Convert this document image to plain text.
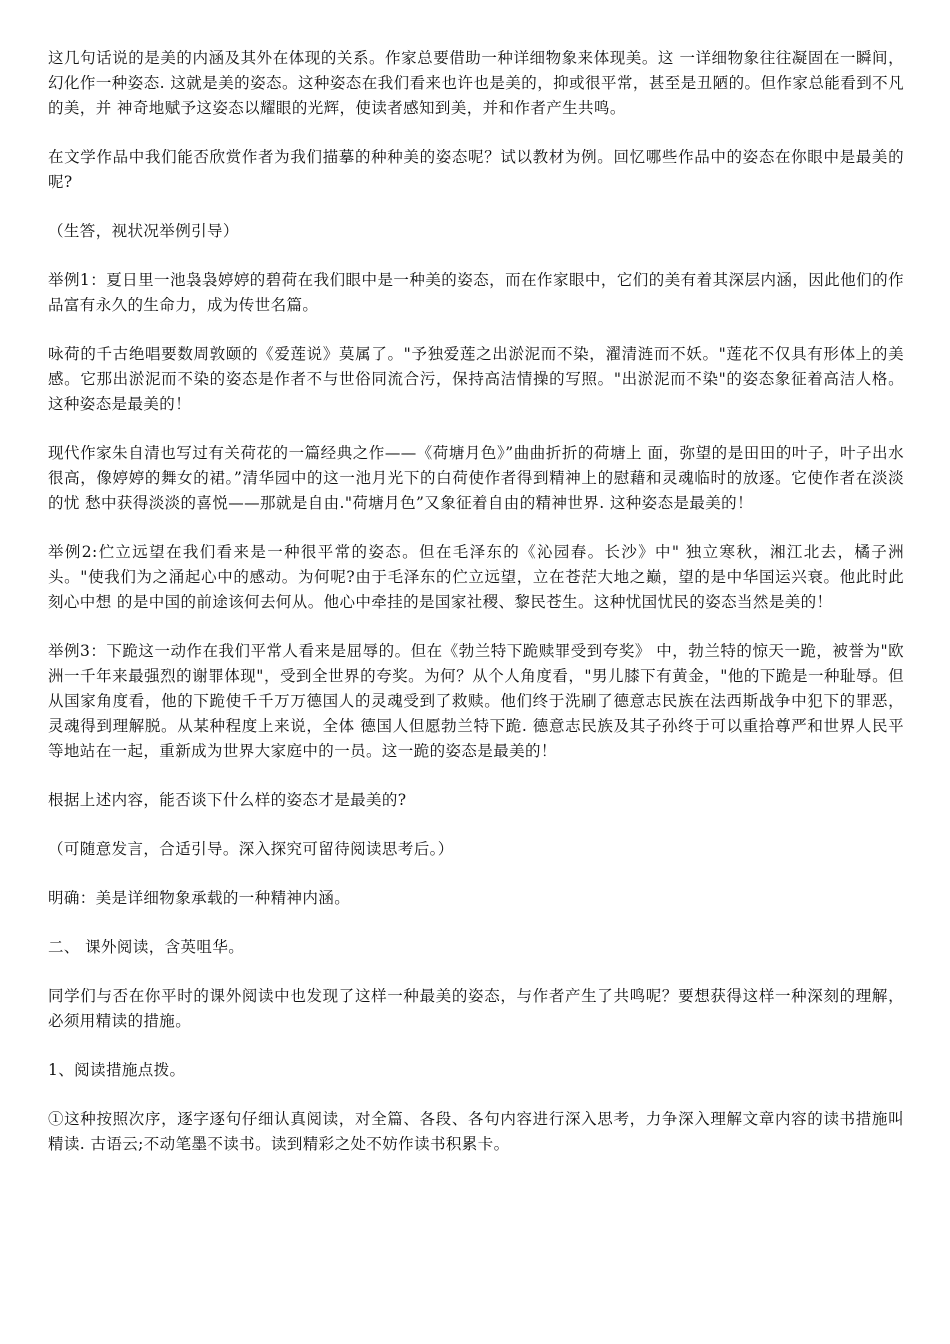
这几句话说的是美的内涵及其外在体现的关系。作家总要借助一种详细物象来体现美。这 一详细物象往往凝固在一瞬间，幻化作一种姿态. 这就是美的姿态。这种姿态在我们看来也许也是美的，抑或很平常，甚至是丑陋的。但作家总能看到不凡的美，并 神奇地赋予这姿态以耀眼的光辉，使读者感知到美，并和作者产生共鸣。

在文学作品中我们能否欣赏作者为我们描摹的种种美的姿态呢？试以教材为例。回忆哪些作品中的姿态在你眼中是最美的呢?

（生答，视状况举例引导）

举例1：夏日里一池袅袅婷婷的碧荷在我们眼中是一种美的姿态，而在作家眼中，它们的美有着其深层内涵，因此他们的作品富有永久的生命力，成为传世名篇。

咏荷的千古绝唱要数周敦颐的《爱莲说》莫属了。"予独爱莲之出淤泥而不染，濯清涟而不妖。"莲花不仅具有形体上的美感。它那出淤泥而不染的姿态是作者不与世俗同流合污，保持高洁情操的写照。"出淤泥而不染"的姿态象征着高洁人格。这种姿态是最美的！

现代作家朱自清也写过有关荷花的一篇经典之作——《荷塘月色》”曲曲折折的荷塘上 面，弥望的是田田的叶子，叶子出水很高，像婷婷的舞女的裙。”清华园中的这一池月光下的白荷使作者得到精神上的慰藉和灵魂临时的放逐。它使作者在淡淡的忧 愁中获得淡淡的喜悦——那就是自由."荷塘月色”又象征着自由的精神世界. 这种姿态是最美的！

举例2:伫立远望在我们看来是一种很平常的姿态。但在毛泽东的《沁园春。长沙》中" 独立寒秋，湘江北去，橘子洲头。"使我们为之涌起心中的感动。为何呢?由于毛泽东的伫立远望，立在苍茫大地之巅，望的是中华国运兴衰。他此时此刻心中想 的是中国的前途该何去何从。他心中牵挂的是国家社稷、黎民苍生。这种忧国忧民的姿态当然是美的！

举例3：下跪这一动作在我们平常人看来是屈辱的。但在《勃兰特下跪赎罪受到夸奖》 中，勃兰特的惊天一跪，被誉为"欧洲一千年来最强烈的谢罪体现"，受到全世界的夸奖。为何？从个人角度看，"男儿膝下有黄金，"他的下跪是一种耻辱。但 从国家角度看，他的下跪使千千万万德国人的灵魂受到了救赎。他们终于洗刷了德意志民族在法西斯战争中犯下的罪恶，灵魂得到理解脱。从某种程度上来说，全体 德国人但愿勃兰特下跪. 德意志民族及其子孙终于可以重拾尊严和世界人民平等地站在一起，重新成为世界大家庭中的一员。这一跪的姿态是最美的！

根据上述内容，能否谈下什么样的姿态才是最美的?

（可随意发言，合适引导。深入探究可留待阅读思考后。）

明确：美是详细物象承载的一种精神内涵。

二、 课外阅读，含英咀华。

同学们与否在你平时的课外阅读中也发现了这样一种最美的姿态，与作者产生了共鸣呢？要想获得这样一种深刻的理解，必须用精读的措施。

1、阅读措施点拨。

①这种按照次序，逐字逐句仔细认真阅读，对全篇、各段、各句内容进行深入思考，力争深入理解文章内容的读书措施叫精读. 古语云;不动笔墨不读书。读到精彩之处不妨作读书积累卡。
